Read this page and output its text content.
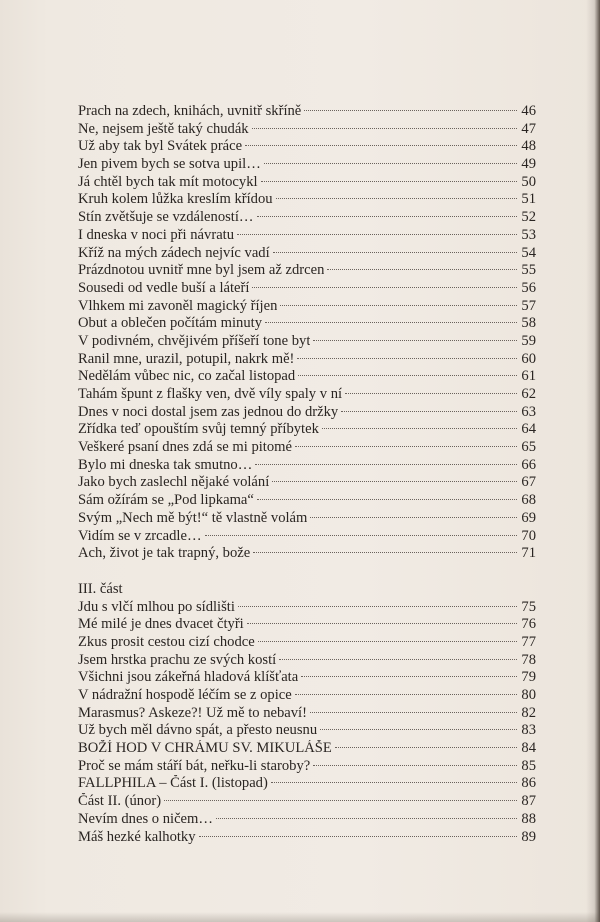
Prach na zdech, knihách, uvnitř skříně	46
Ne, nejsem ještě taký chudák	47
Už aby tak byl Svátek práce	48
Jen pivem bych se sotva upil…	49
Já chtěl bych tak mít motocykl	50
Kruh kolem lůžka kreslím křídou	51
Stín zvětšuje se vzdáleností…	52
I dneska v noci při návratu	53
Kříž na mých zádech nejvíc vadí	54
Prázdnotou uvnitř mne byl jsem až zdrcen	55
Sousedi od vedle buší a láteří	56
Vlhkem mi zavoněl magický říjen	57
Obut a oblečen počítám minuty	58
V podivném, chvějivém příšeří tone byt	59
Ranil mne, urazil, potupil, nakrk mě!	60
Nedělám vůbec nic, co začal listopad	61
Tahám špunt z flašky ven, dvě víly spaly v ní	62
Dnes v noci dostal jsem zas jednou do držky	63
Zřídka teď opouštím svůj temný příbytek	64
Veškeré psaní dnes zdá se mi pitomé	65
Bylo mi dneska tak smutno…	66
Jako bych zaslechl nějaké volání	67
Sám ožírám se „Pod lipkama“	68
Svým „Nech mě být!“ tě vlastně volám	69
Vidím se v zrcadle…	70
Ach, život je tak trapný, bože	71
III. část
Jdu s vlčí mlhou po sídlišti	75
Mé milé je dnes dvacet čtyři	76
Zkus prosit cestou cizí chodce	77
Jsem hrstka prachu ze svých kostí	78
Všichni jsou zákeřná hladová klíšťata	79
V nádražní hospodě léčím se z opice	80
Marasmus? Askeze?! Už mě to nebaví!	82
Už bych měl dávno spát, a přesto neusnu	83
BOŽÍ HOD V CHRÁMU SV. MIKULÁŠE	84
Proč se mám stáří bát, neřku-li staroby?	85
FALLPHILA – Část I. (listopad)	86
Část II. (únor)	87
Nevím dnes o ničem…	88
Máš hezké kalhotky	89
